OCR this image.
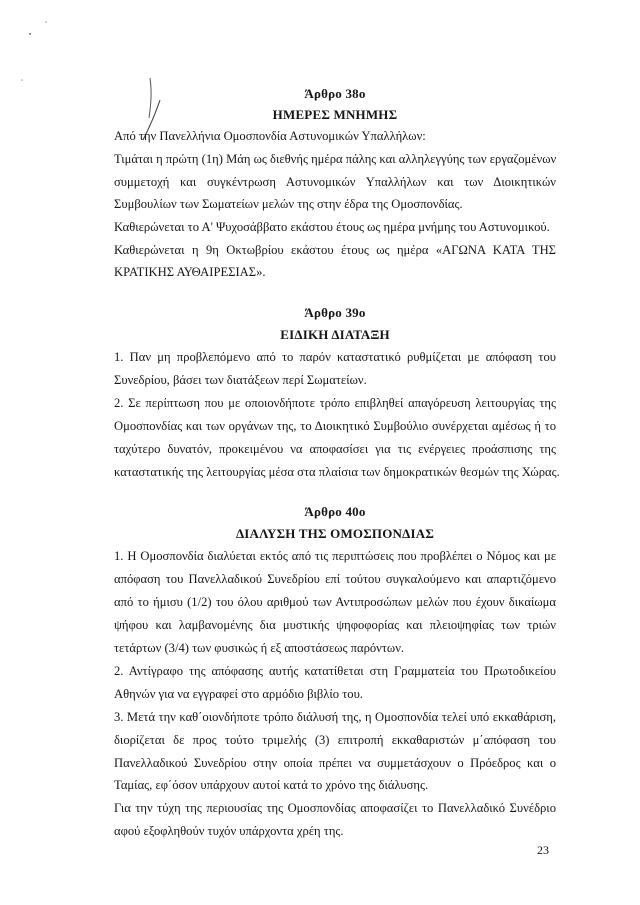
Άρθρο 38ο
ΗΜΕΡΕΣ ΜΝΗΜΗΣ
Από την Πανελλήνια Ομοσπονδία Αστυνομικών Υπαλλήλων:
Τιμάται η πρώτη (1η) Μάη ως διεθνής ημέρα πάλης και αλληλεγγύης των εργαζομένων
συμμετοχή και συγκέντρωση Αστυνομικών Υπαλλήλων και των Διοικητικών
Συμβουλίων των Σωματείων μελών της στην έδρα της Ομοσπονδίας.
Καθιερώνεται το Α' Ψυχοσάββατο εκάστου έτους ως ημέρα μνήμης του Αστυνομικού.
Καθιερώνεται η 9η Οκτωβρίου εκάστου έτους ως ημέρα «ΑΓΩΝΑ ΚΑΤΑ ΤΗΣ
ΚΡΑΤΙΚΗΣ ΑΥΘΑΙΡΕΣΙΑΣ».
Άρθρο 39ο
ΕΙΔΙΚΗ ΔΙΑΤΑΞΗ
1. Παν μη προβλεπόμενο από το παρόν καταστατικό ρυθμίζεται με απόφαση του
Συνεδρίου, βάσει των διατάξεων περί Σωματείων.
2. Σε περίπτωση που με οποιονδήποτε τρόπο επιβληθεί απαγόρευση λειτουργίας της
Ομοσπονδίας και των οργάνων της, το Διοικητικό Συμβούλιο συνέρχεται αμέσως ή το
ταχύτερο δυνατόν, προκειμένου να αποφασίσει για τις ενέργειες προάσπισης της
καταστατικής της λειτουργίας μέσα στα πλαίσια των δημοκρατικών θεσμών της Χώρας.
Άρθρο 40ο
ΔΙΑΛΥΣΗ ΤΗΣ ΟΜΟΣΠΟΝΔΙΑΣ
1. Η Ομοσπονδία διαλύεται εκτός από τις περιπτώσεις που προβλέπει ο Νόμος και με
απόφαση του Πανελλαδικού Συνεδρίου επί τούτου συγκαλούμενο και απαρτιζόμενο
από το ήμισυ (1/2) του όλου αριθμού των Αντιπροσώπων μελών που έχουν δικαίωμα
ψήφου και λαμβανομένης δια μυστικής ψηφοφορίας και πλειοψηφίας των τριών
τετάρτων (3/4) των φυσικώς ή εξ αποστάσεως παρόντων.
2. Αντίγραφο της απόφασης αυτής κατατίθεται στη Γραμματεία του Πρωτοδικείου
Αθηνών για να εγγραφεί στο αρμόδιο βιβλίο του.
3. Μετά την καθ΄οιονδήποτε τρόπο διάλυσή της, η Ομοσπονδία τελεί υπό εκκαθάριση,
διορίζεται δε προς τούτο τριμελής (3) επιτροπή εκκαθαριστών μ΄απόφαση του
Πανελλαδικού Συνεδρίου στην οποία πρέπει να συμμετάσχουν ο Πρόεδρος και ο
Ταμίας, εφ΄όσον υπάρχουν αυτοί κατά το χρόνο της διάλυσης.
Για την τύχη της περιουσίας της Ομοσπονδίας αποφασίζει το Πανελλαδικό Συνέδριο
αφού εξοφληθούν τυχόν υπάρχοντα χρέη της.
23
